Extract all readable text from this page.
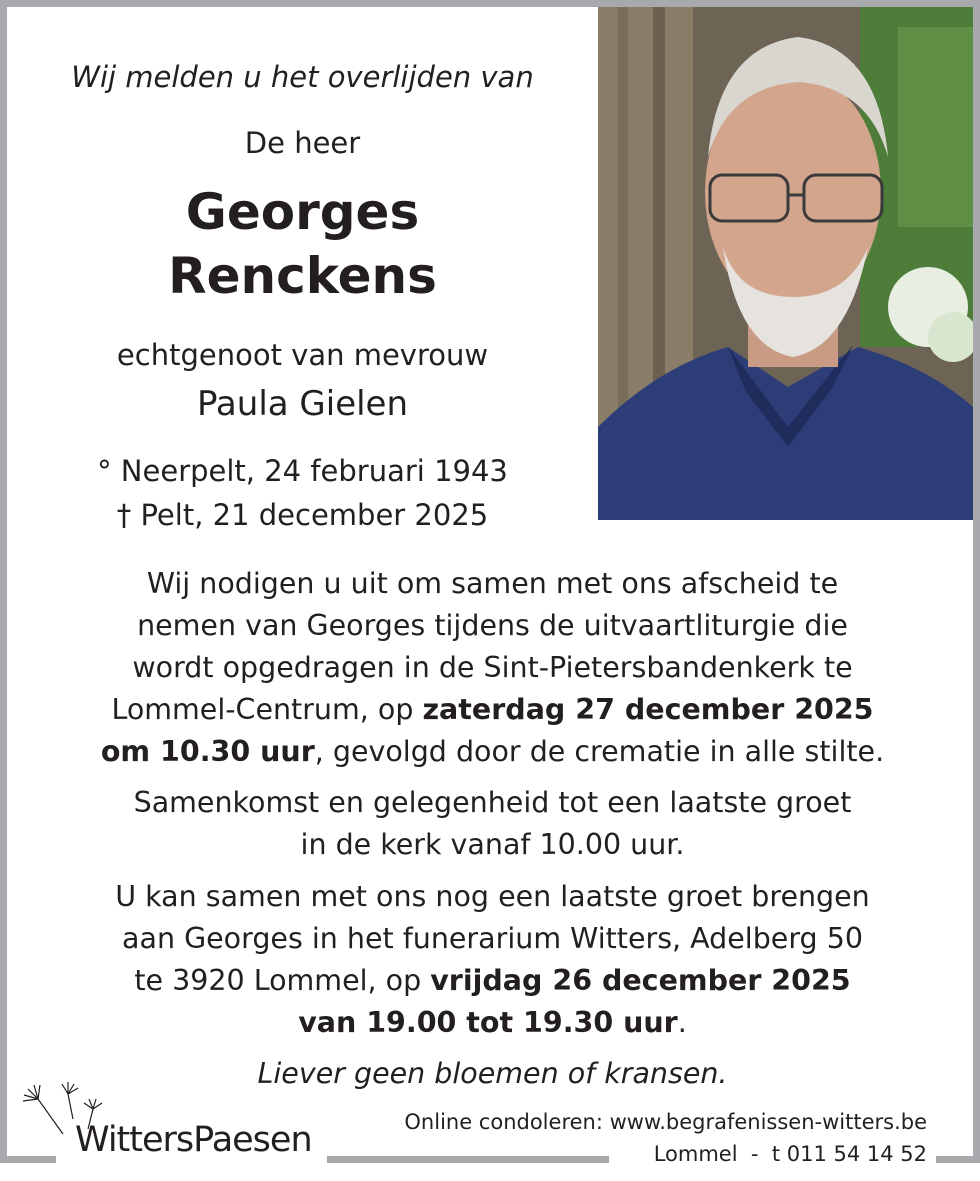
Wij melden u het overlijden van
De heer
Georges
Renckens
echtgenoot van mevrouw
Paula Gielen
° Neerpelt, 24 februari 1943
† Pelt, 21 december 2025
Wij nodigen u uit om samen met ons afscheid te
nemen van Georges tijdens de uitvaartliturgie die
wordt opgedragen in de Sint-Pietersbandenkerk te
Lommel-Centrum, op zaterdag 27 december 2025
om 10.30 uur, gevolgd door de crematie in alle stilte.
Samenkomst en gelegenheid tot een laatste groet
in de kerk vanaf 10.00 uur.
U kan samen met ons nog een laatste groet brengen
aan Georges in het funerarium Witters, Adelberg 50
te 3920 Lommel, op vrijdag 26 december 2025
van 19.00 tot 19.30 uur.
Liever geen bloemen of kransen.
WittersPaesen	Online condoleren: www.begrafenissen-witters.be
Lommel  -  t 011 54 14 52
